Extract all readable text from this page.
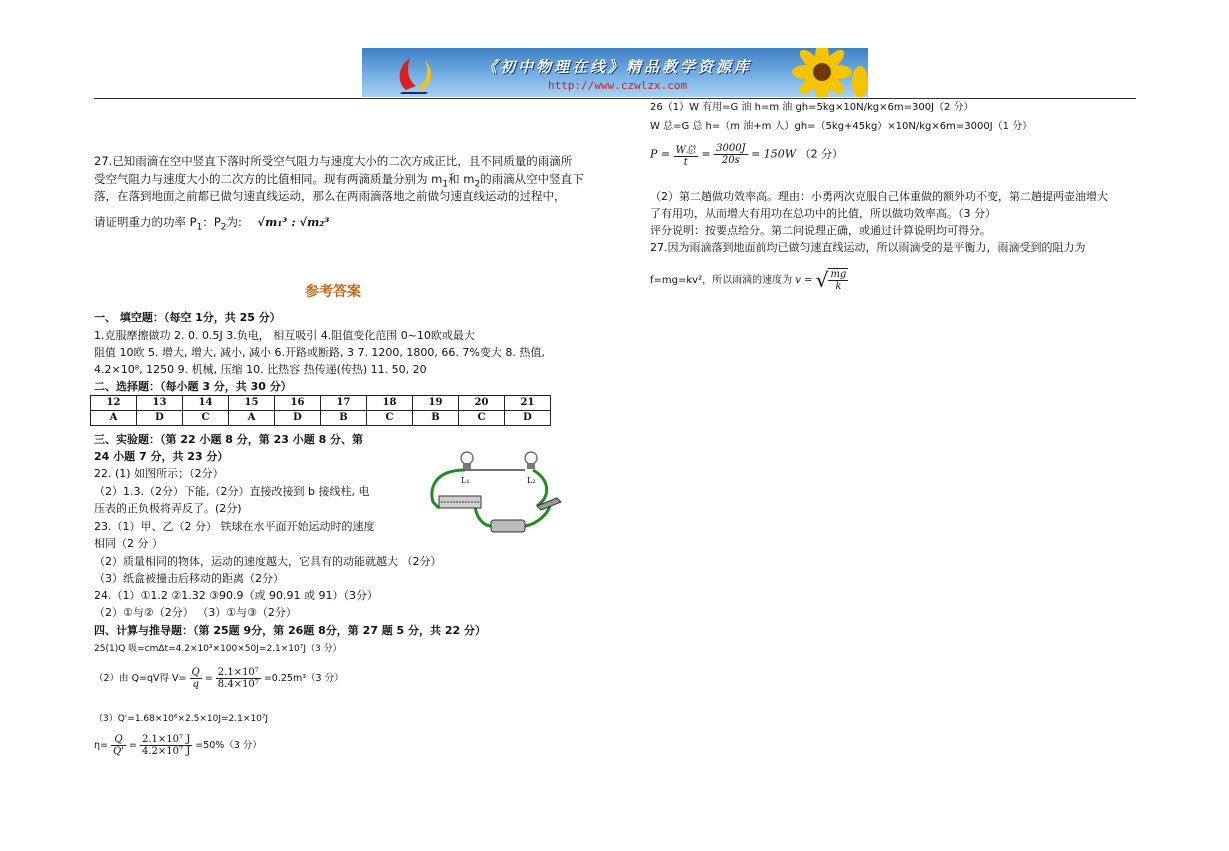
《初中物理在线》精品教学资源库
http://www.czwlzx.com
27.已知雨滴在空中竖直下落时所受空气阻力与速度大小的二次方成正比，且不同质量的雨滴所
受空气阻力与速度大小的二次方的比值相同。现有两滴质量分别为 $m_1$和 $m_2$的雨滴从空中竖直下
落，在落到地面之前都已做匀速直线运动，那么在两雨滴落地之前做匀速直线运动的过程中，
请证明重力的功率 $P_1$：$P_2$为: √m₁³ : √m₂³
参考答案
一、 填空题：（每空 1分，共 25 分）
1.克服摩擦做功 2. 0. 0.5J 3.负电， 相互吸引 4.阻值变化范围 0~10欧或最大
阻值 10欧 5. 增大, 增大, 减小, 减小 6.开路或断路, 3 7. 1200, 1800, 66. 7%变大 8. 热值,
4.2×10⁸, 1250 9. 机械, 压缩 10. 比热容 热传递(传热) 11. 50, 20
二、选择题：（每小题 3 分，共 30 分）
12	13	14	15	16	17	18	19	20	21
A	D	C	A	D	B	C	B	C	D
三、实验题：（第 22 小题 8 分，第 23 小题 8 分、第
24 小题 7 分，共 23 分）
22. (1) 如图所示；（2分）
（2）1.3.（2分）下能,（2分）直接改接到 b 接线柱, 电
压表的正负极将弄反了。(2分)
23.（1）甲、乙（2 分） 铁球在水平面开始运动时的速度
相同（2 分 ）
（2）质量相同的物体，运动的速度越大，它具有的动能就越大 （2分）
（3）纸盒被撞击后移动的距离（2分）
24.（1）①1.2 ②1.32 ③90.9（或 90.91 或 91）（3分）
（2）①与②（2分） （3）①与③（2分）
L₁	L₂
四、计算与推导题：（第 25题 9分，第 26题 8分，第 27 题 5 分，共 22 分）
25(1)Q 吸=cmΔt=4.2×10³×100×50J=2.1×10⁷J（3 分）
（2）由 Q=qV得 $V= \frac{Q}{q} = \frac{\text{2.1×10⁷}}{\text{8.4×10⁷}} =0.25m^3(3$ 分）
（3）Q'=1.68×10⁶×2.5×10J=2.1×10⁷J
$\eta= \frac{Q}{Q'} = \frac{\text{2.1×10⁷ J}}{\text{4.2×10⁷ J}} =50\%(3$ 分）
26（1）W 有用=G 油 h=m 油 gh=5kg×10N/kg×6m=300J（2 分）
W 总=G 总 h=（m 油+m 人）gh=（5kg+45kg）×10N/kg×6m=3000J（1 分）
$P = \frac{\text{W总}}{t} = \frac{3000J}{20s} = 150W$ （2 分）
（2）第二趟做功效率高。理由：小勇两次克服自己体重做的额外功不变，第二趟提两壶油增大
了有用功，从而增大有用功在总功中的比值，所以做功效率高。（3 分）
评分说明：按要点给分。第二问说理正确，或通过计算说明均可得分。
27.因为雨滴落到地面前均已做匀速直线运动，所以雨滴受的是平衡力，雨滴受到的阻力为
f=mg=kv²，所以雨滴的速度为 v = √ $\frac{mg}{k}$
